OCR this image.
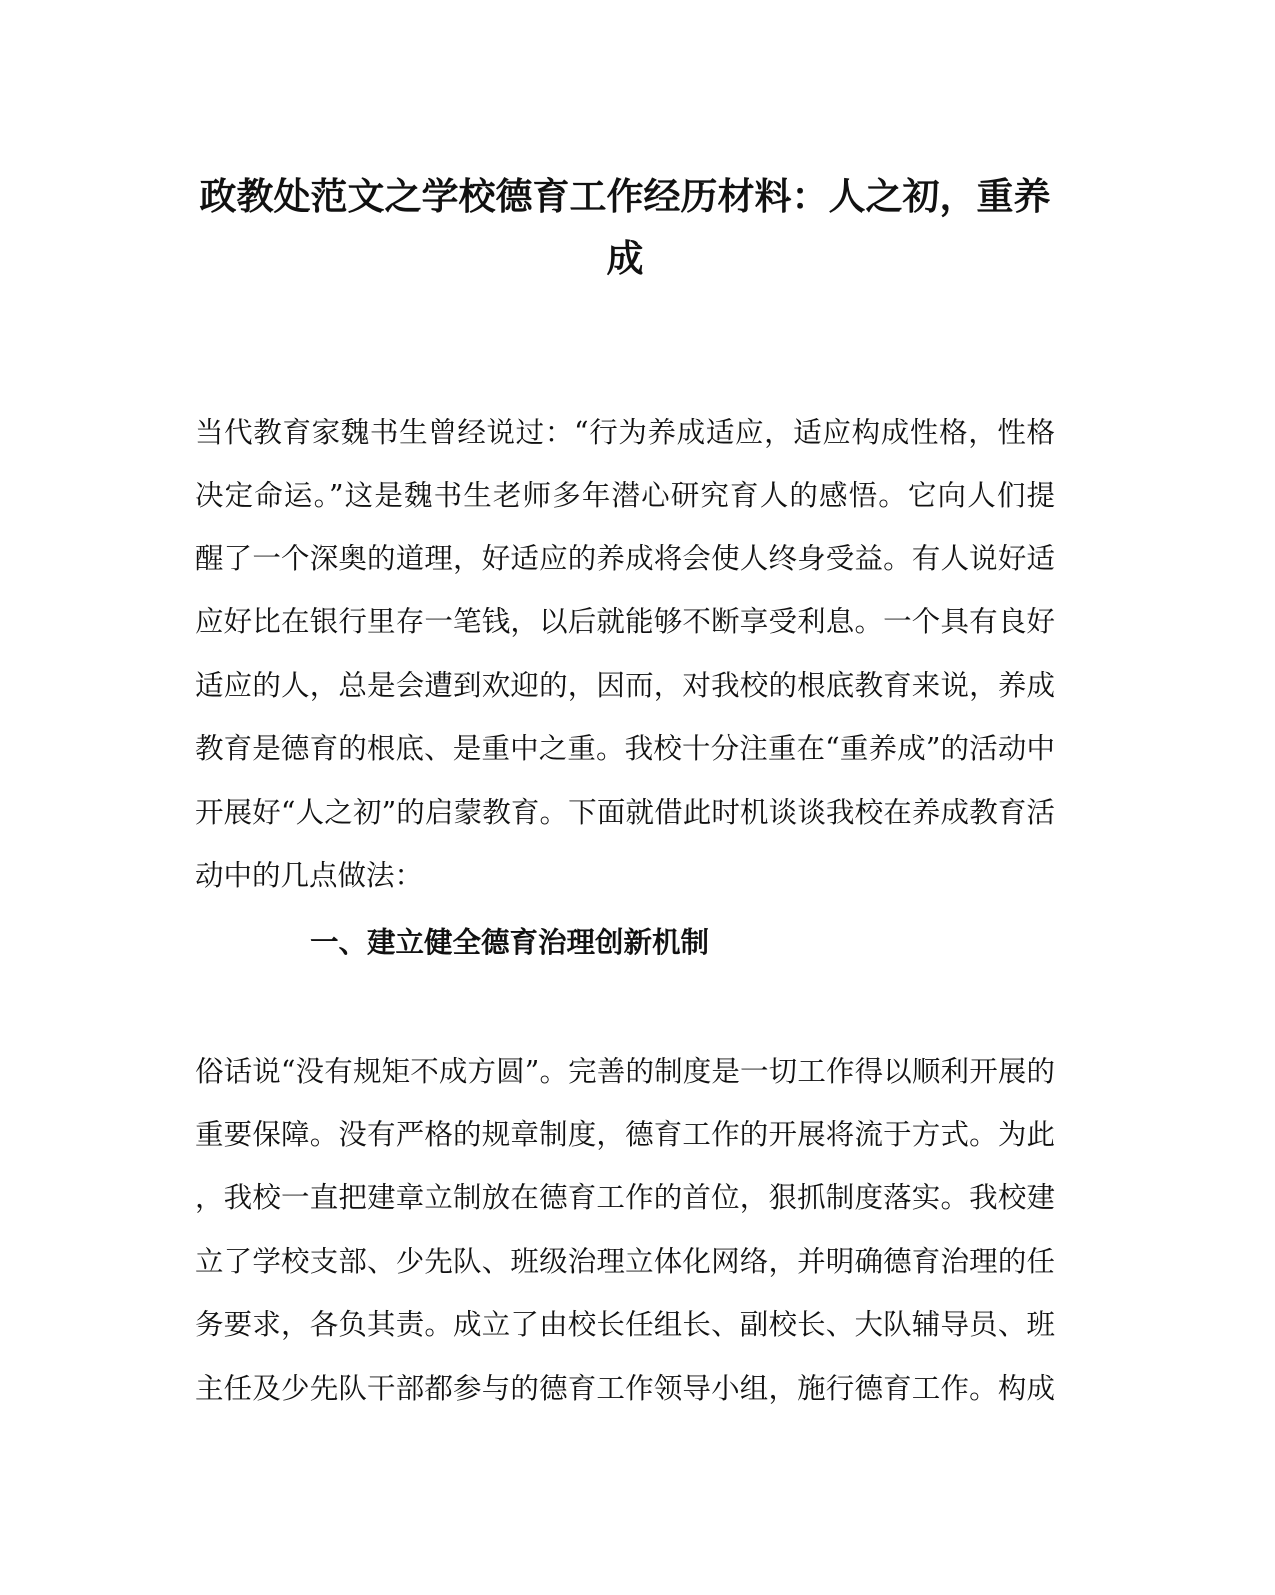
政教处范文之学校德育工作经历材料：人之初，重养
成

当代教育家魏书生曾经说过：“行为养成适应，适应构成性格，性格

决定命运。”这是魏书生老师多年潜心研究育人的感悟。它向人们提

醒了一个深奥的道理，好适应的养成将会使人终身受益。有人说好适

应好比在银行里存一笔钱，以后就能够不断享受利息。一个具有良好

适应的人，总是会遭到欢迎的，因而，对我校的根底教育来说，养成

教育是德育的根底、是重中之重。我校十分注重在“重养成”的活动中

开展好“人之初”的启蒙教育。下面就借此时机谈谈我校在养成教育活

动中的几点做法：

一、建立健全德育治理创新机制

俗话说“没有规矩不成方圆”。完善的制度是一切工作得以顺利开展的

重要保障。没有严格的规章制度，德育工作的开展将流于方式。为此

，我校一直把建章立制放在德育工作的首位，狠抓制度落实。我校建

立了学校支部、少先队、班级治理立体化网络，并明确德育治理的任

务要求，各负其责。成立了由校长任组长、副校长、大队辅导员、班

主任及少先队干部都参与的德育工作领导小组，施行德育工作。构成
